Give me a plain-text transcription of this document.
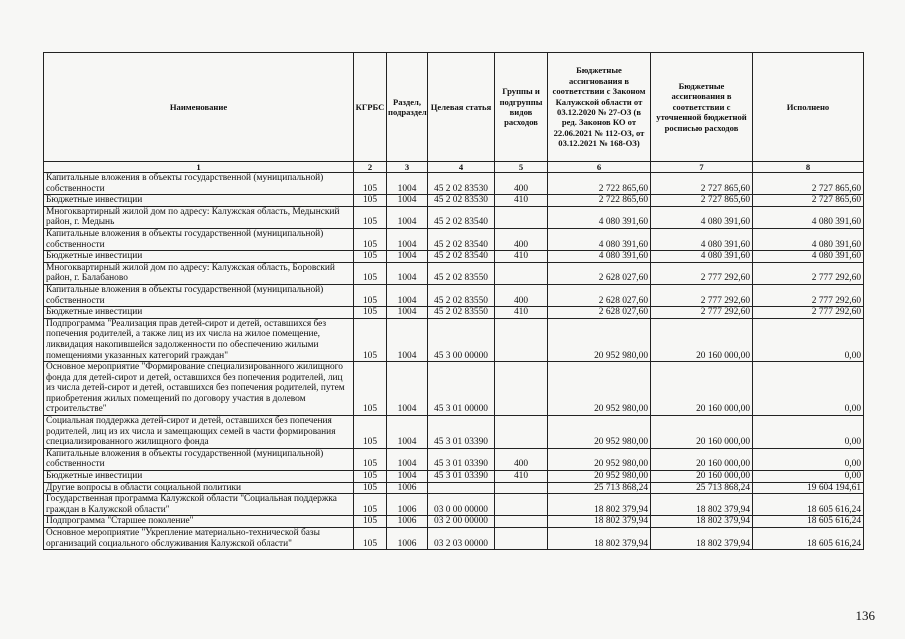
Наименование	КГРБС	Раздел, подраздел	Целевая статья	Группы и подгруппы видов расходов	Бюджетные ассигнования в соответствии с Законом Калужской области от 03.12.2020 № 27-ОЗ (в ред. Законов КО от 22.06.2021 № 112-ОЗ, от 03.12.2021 № 168-ОЗ)	Бюджетные ассигнования в соответствии с уточненной бюджетной росписью расходов	Исполнено
1	2	3	4	5	6	7	8
Капитальные вложения в объекты государственной (муниципальной) собственности	105	1004	45 2 02 83530	400	2 722 865,60	2 727 865,60	2 727 865,60
Бюджетные инвестиции	105	1004	45 2 02 83530	410	2 722 865,60	2 727 865,60	2 727 865,60
Многоквартирный жилой дом по адресу: Калужская область, Медынский район, г. Медынь	105	1004	45 2 02 83540		4 080 391,60	4 080 391,60	4 080 391,60
Капитальные вложения в объекты государственной (муниципальной) собственности	105	1004	45 2 02 83540	400	4 080 391,60	4 080 391,60	4 080 391,60
Бюджетные инвестиции	105	1004	45 2 02 83540	410	4 080 391,60	4 080 391,60	4 080 391,60
Многоквартирный жилой дом по адресу: Калужская область, Боровский район, г. Балабаново	105	1004	45 2 02 83550		2 628 027,60	2 777 292,60	2 777 292,60
Капитальные вложения в объекты государственной (муниципальной) собственности	105	1004	45 2 02 83550	400	2 628 027,60	2 777 292,60	2 777 292,60
Бюджетные инвестиции	105	1004	45 2 02 83550	410	2 628 027,60	2 777 292,60	2 777 292,60
Подпрограмма "Реализация прав детей-сирот и детей, оставшихся без попечения родителей, а также лиц из их числа на жилое помещение, ликвидация накопившейся задолженности по обеспечению жилыми помещениями указанных категорий граждан"	105	1004	45 3 00 00000		20 952 980,00	20 160 000,00	0,00
Основное мероприятие "Формирование специализированного жилищного фонда для детей-сирот и детей, оставшихся без попечения родителей, лиц из числа детей-сирот и детей, оставшихся без попечения родителей, путем приобретения жилых помещений по договору участия в долевом строительстве"	105	1004	45 3 01 00000		20 952 980,00	20 160 000,00	0,00
Социальная поддержка детей-сирот и детей, оставшихся без попечения родителей, лиц из их числа и замещающих семей в части формирования специализированного жилищного фонда	105	1004	45 3 01 03390		20 952 980,00	20 160 000,00	0,00
Капитальные вложения в объекты государственной (муниципальной) собственности	105	1004	45 3 01 03390	400	20 952 980,00	20 160 000,00	0,00
Бюджетные инвестиции	105	1004	45 3 01 03390	410	20 952 980,00	20 160 000,00	0,00
Другие вопросы в области социальной политики	105	1006			25 713 868,24	25 713 868,24	19 604 194,61
Государственная программа Калужской области "Социальная поддержка граждан в Калужской области"	105	1006	03 0 00 00000		18 802 379,94	18 802 379,94	18 605 616,24
Подпрограмма "Старшее поколение"	105	1006	03 2 00 00000		18 802 379,94	18 802 379,94	18 605 616,24
Основное мероприятие "Укрепление материально-технической базы организаций социального обслуживания Калужской области"	105	1006	03 2 03 00000		18 802 379,94	18 802 379,94	18 605 616,24
136
